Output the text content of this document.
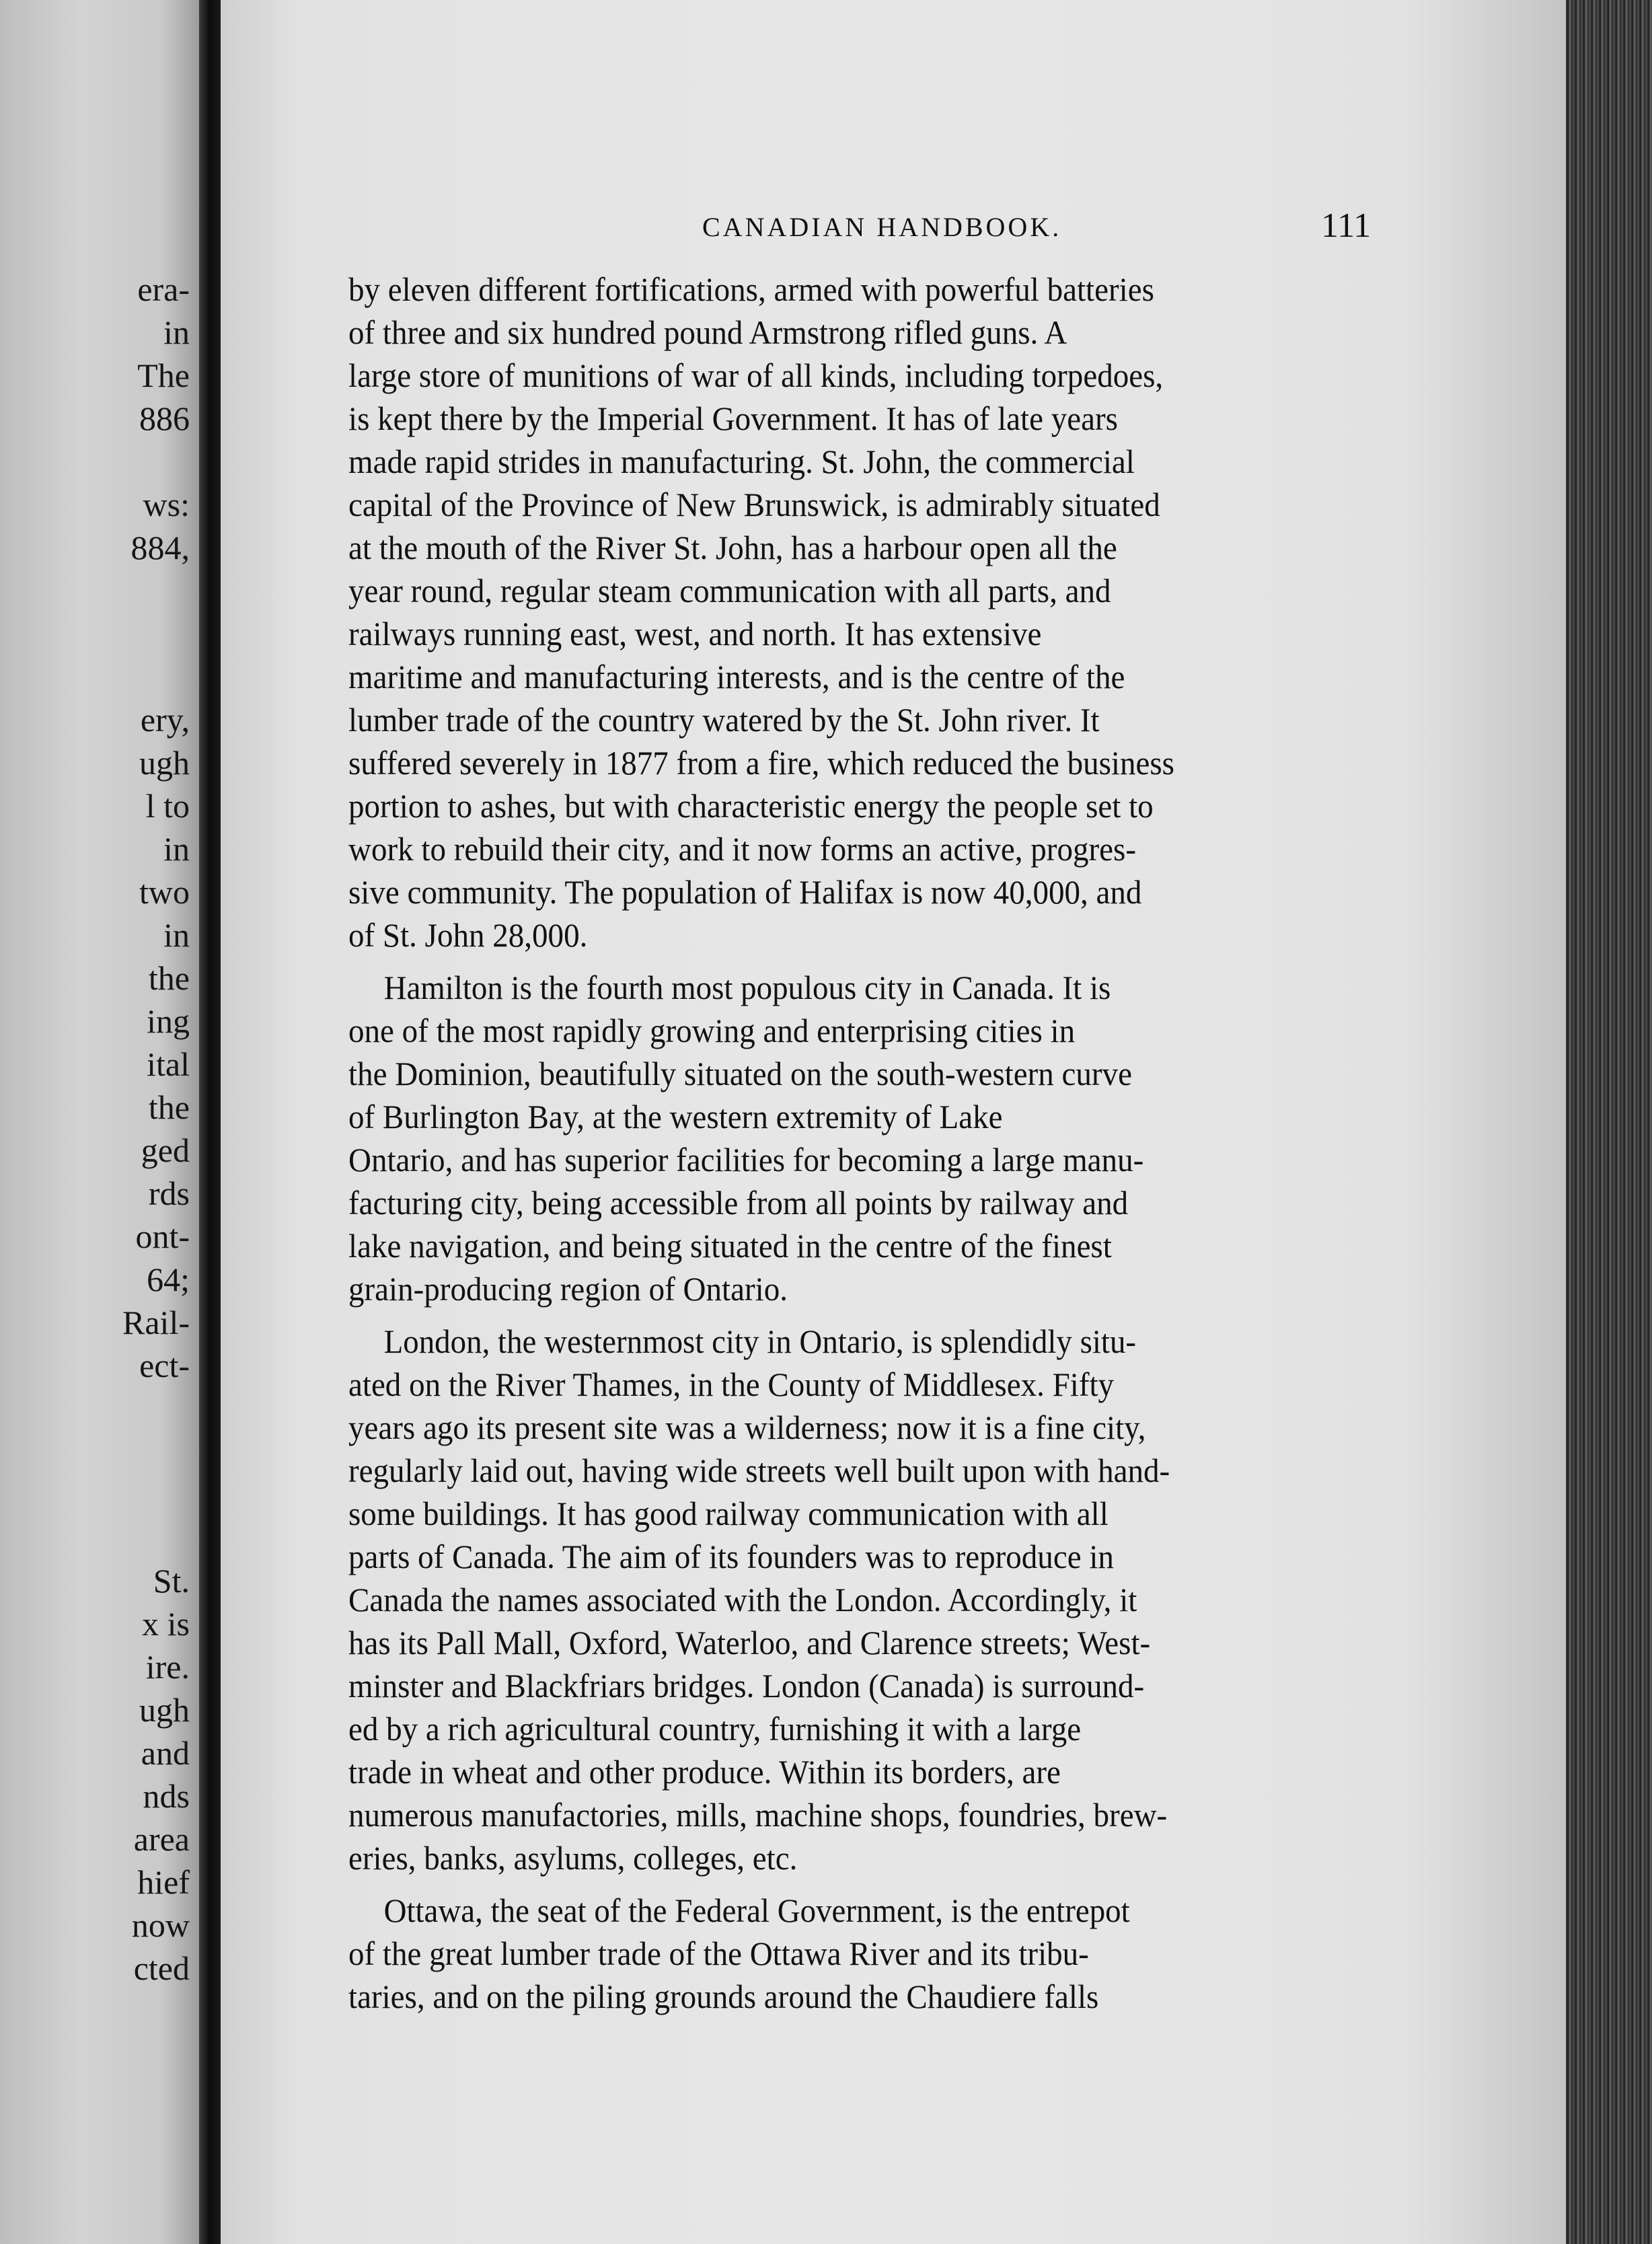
era-
in
The
886
ws:
884,
ery,
ugh
l to
in
two
in
the
ing
ital
the
ged
rds
ont-
64;
Rail-
ect-
St.
x is
ire.
ugh
and
nds
area
hief
now
cted
CANADIAN HANDBOOK.	111
by eleven different fortifications, armed with powerful batteries
of three and six hundred pound Armstrong rifled guns. A
large store of munitions of war of all kinds, including torpedoes,
is kept there by the Imperial Government. It has of late years
made rapid strides in manufacturing. St. John, the commercial
capital of the Province of New Brunswick, is admirably situated
at the mouth of the River St. John, has a harbour open all the
year round, regular steam communication with all parts, and
railways running east, west, and north. It has extensive
maritime and manufacturing interests, and is the centre of the
lumber trade of the country watered by the St. John river. It
suffered severely in 1877 from a fire, which reduced the business
portion to ashes, but with characteristic energy the people set to
work to rebuild their city, and it now forms an active, progres-
sive community. The population of Halifax is now 40,000, and
of St. John 28,000.
Hamilton is the fourth most populous city in Canada. It is
one of the most rapidly growing and enterprising cities in
the Dominion, beautifully situated on the south-western curve
of Burlington Bay, at the western extremity of Lake
Ontario, and has superior facilities for becoming a large manu-
facturing city, being accessible from all points by railway and
lake navigation, and being situated in the centre of the finest
grain-producing region of Ontario.
London, the westernmost city in Ontario, is splendidly situ-
ated on the River Thames, in the County of Middlesex. Fifty
years ago its present site was a wilderness; now it is a fine city,
regularly laid out, having wide streets well built upon with hand-
some buildings. It has good railway communication with all
parts of Canada. The aim of its founders was to reproduce in
Canada the names associated with the London. Accordingly, it
has its Pall Mall, Oxford, Waterloo, and Clarence streets; West-
minster and Blackfriars bridges. London (Canada) is surround-
ed by a rich agricultural country, furnishing it with a large
trade in wheat and other produce. Within its borders, are
numerous manufactories, mills, machine shops, foundries, brew-
eries, banks, asylums, colleges, etc.
Ottawa, the seat of the Federal Government, is the entrepot
of the great lumber trade of the Ottawa River and its tribu-
taries, and on the piling grounds around the Chaudiere falls
